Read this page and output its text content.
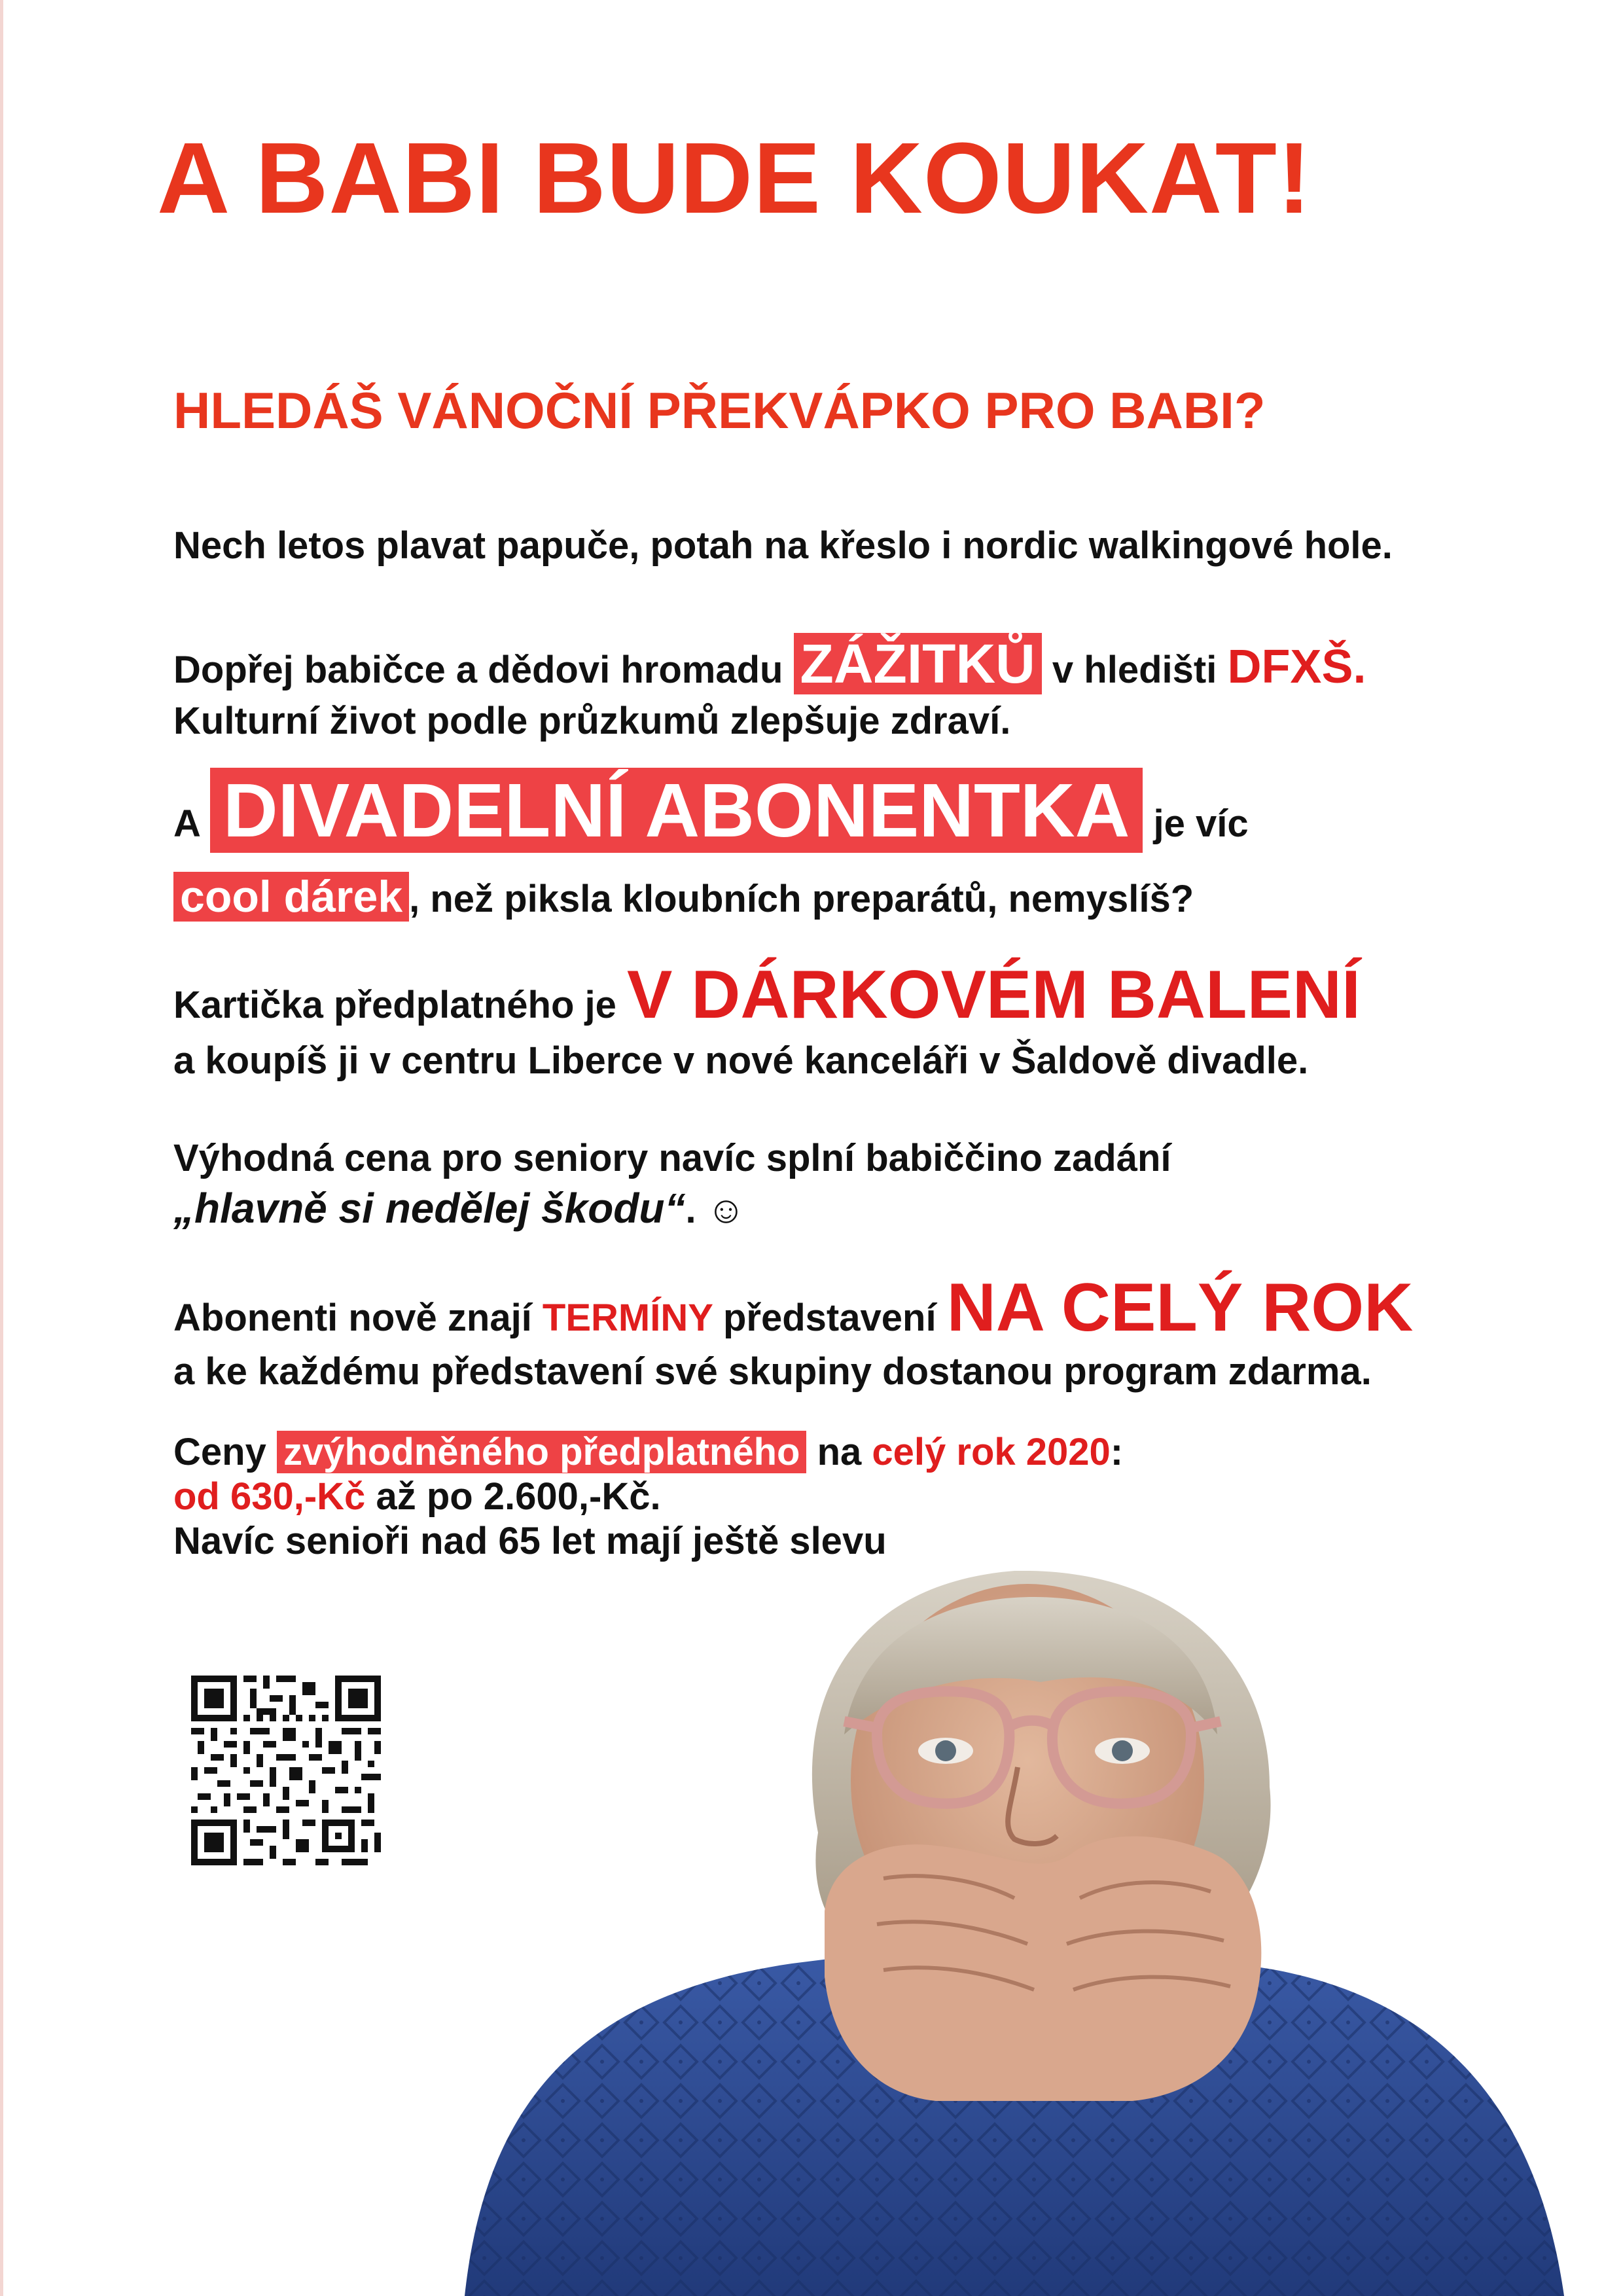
A BABI BUDE KOUKAT!
HLEDÁŠ VÁNOČNÍ PŘEKVÁPKO PRO BABI?
Nech letos plavat papuče, potah na křeslo i nordic walkingové hole.
Dopřej babičce a dědovi hromadu ZÁŽITKŮ v hledišti DFXŠ.
Kulturní život podle průzkumů zlepšuje zdraví.
A DIVADELNÍ ABONENTKA je víc
cool dárek , než piksla kloubních preparátů, nemyslíš?
Kartička předplatného je V DÁRKOVÉM BALENÍ
a koupíš ji v centru Liberce v nové kanceláři v Šaldově divadle.
Výhodná cena pro seniory navíc splní babiččino zadání
„hlavně si nedělej škodu“. ☺
Abonenti nově znají TERMÍNY představení NA CELÝ ROK
a ke každému představení své skupiny dostanou program zdarma.
Ceny zvýhodněného předplatného na celý rok 2020:
od 630,-Kč až po 2.600,-Kč.
Navíc senioři nad 65 let mají ještě slevu 15%.
